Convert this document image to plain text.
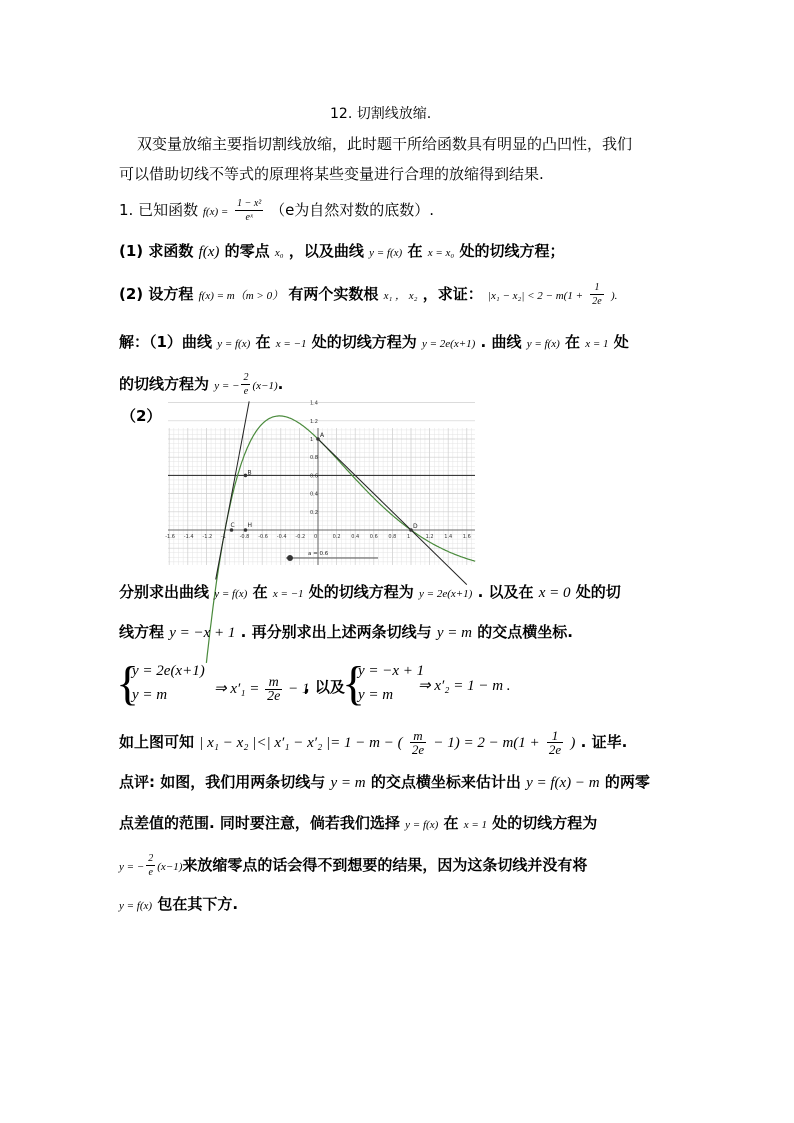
12. 切割线放缩.
双变量放缩主要指切割线放缩，此时题干所给函数具有明显的凸凹性，我们
可以借助切线不等式的原理将某些变量进行合理的放缩得到结果.
1. 已知函数 $f(x) = \frac{\text{1 − x²}}{\text{eˣ}} (e$为自然对数的底数）.
(1) 求函数 f(x) 的零点 x₀ ，以及曲线 y = f(x) 在 x = x₀ 处的切线方程；
(2) 设方程 f(x) = m（m > 0） 有两个实数根 x₁ ， x₂ ，求证： $|x_1 - x_2| < 2 - m(1 + \frac{1}{2e}$ ).
解：（1）曲线 y = f(x) 在 x = −1 处的切线方程为 y = 2e(x+1) . 曲线 y = f(x) 在 x = 1 处
的切线方程为 y = − $\frac{2}{e} (x-1)$.
（2）
-1.6 -1.4 -1.2 -1	-0.8 -0.6 -0.4 -0.2 0	0.2 0.4 0.6 0.8 1	1.2 1.4 1.6
1.4
1.2
1
0.8
0.6
0.4
0.2
A
B
C H	D
a = 0.6
分别求出曲线 y = f(x) 在 x = −1 处的切线方程为 y = 2e(x+1) . 以及在 x = 0 处的切
线方程 y = −x + 1 . 再分别求出上述两条切线与 y = m 的交点横坐标.
{
y = 2e(x+1)
y = m	⇒ $x'_1 = \frac{m}{2e} - 1$
, 以及
{
y = −x + 1
y = m
⇒ x′₂ = 1 − m .
如上图可知 | x₁ − x₂ |<| x′₁ − x′₂ |= 1 − m − ( $\frac{m}{2e} - 1) = 2 - m(1 + \frac{1}{2e}$ ) . 证毕.
点评: 如图，我们用两条切线与 y = m 的交点横坐标来估计出 y = f(x) − m 的两零
点差值的范围. 同时要注意，倘若我们选择 y = f(x) 在 x = 1 处的切线方程为
y = − $\frac{2}{e} (x-1)$来放缩零点的话会得不到想要的结果，因为这条切线并没有将
y = f(x) 包在其下方.
